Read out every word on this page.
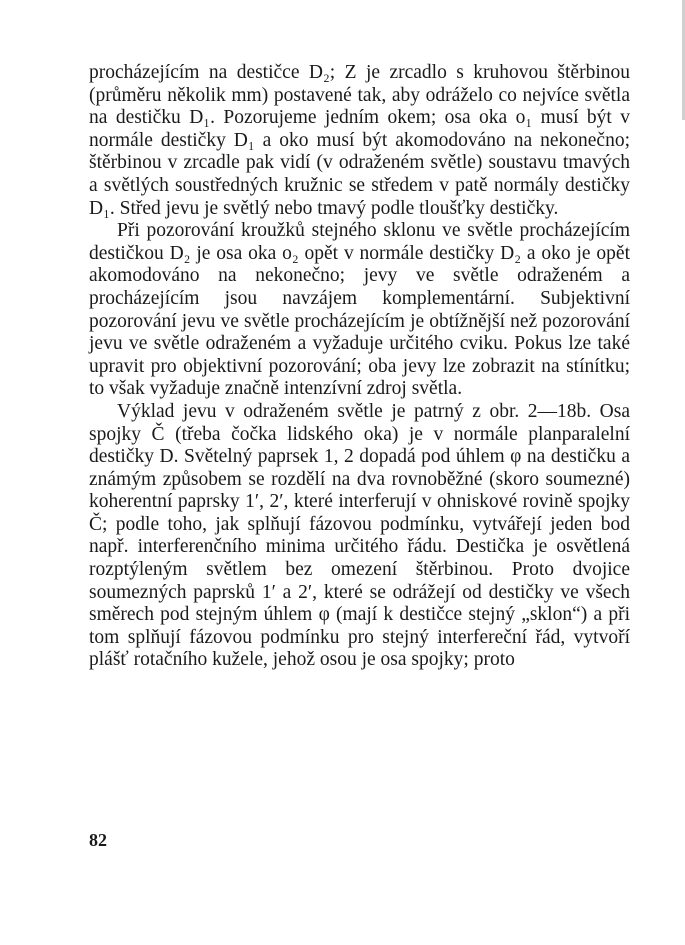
procházejícím na destičce D₂; Z je zrcadlo s kruhovou štěrbinou (průměru několik mm) postavené tak, aby odráželo co nejvíce světla na destičku D₁. Pozorujeme jedním okem; osa oka o₁ musí být v normále destičky D₁ a oko musí být akomodováno na nekonečno; štěrbinou v zrcadle pak vidí (v odraženém světle) soustavu tmavých a světlých soustředných kružnic se středem v patě normály destičky D₁. Střed jevu je světlý nebo tmavý podle tloušťky destičky.

Při pozorování kroužků stejného sklonu ve světle procházejícím destičkou D₂ je osa oka o₂ opět v normále destičky D₂ a oko je opět akomodováno na nekonečno; jevy ve světle odraženém a procházejícím jsou navzájem komplementární. Subjektivní pozorování jevu ve světle procházejícím je obtížnější než pozorování jevu ve světle odraženém a vyžaduje určitého cviku. Pokus lze také upravit pro objektivní pozorování; oba jevy lze zobrazit na stínítku; to však vyžaduje značně intenzívní zdroj světla.

Výklad jevu v odraženém světle je patrný z obr. 2—18b. Osa spojky Č (třeba čočka lidského oka) je v normále planparalelní destičky D. Světelný paprsek 1, 2 dopadá pod úhlem φ na destičku a známým způsobem se rozdělí na dva rovnoběžné (skoro soumezné) koherentní paprsky 1′, 2′, které interferují v ohniskové rovině spojky Č; podle toho, jak splňují fázovou podmínku, vytvářejí jeden bod např. interferenčního minima určitého řádu. Destička je osvětlená rozptýleným světlem bez omezení štěrbinou. Proto dvojice soumezných paprsků 1′ a 2′, které se odrážejí od destičky ve všech směrech pod stejným úhlem φ (mají k destičce stejný „sklon“) a při tom splňují fázovou podmínku pro stejný interfereční řád, vytvoří plášť rotačního kužele, jehož osou je osa spojky; proto

82
